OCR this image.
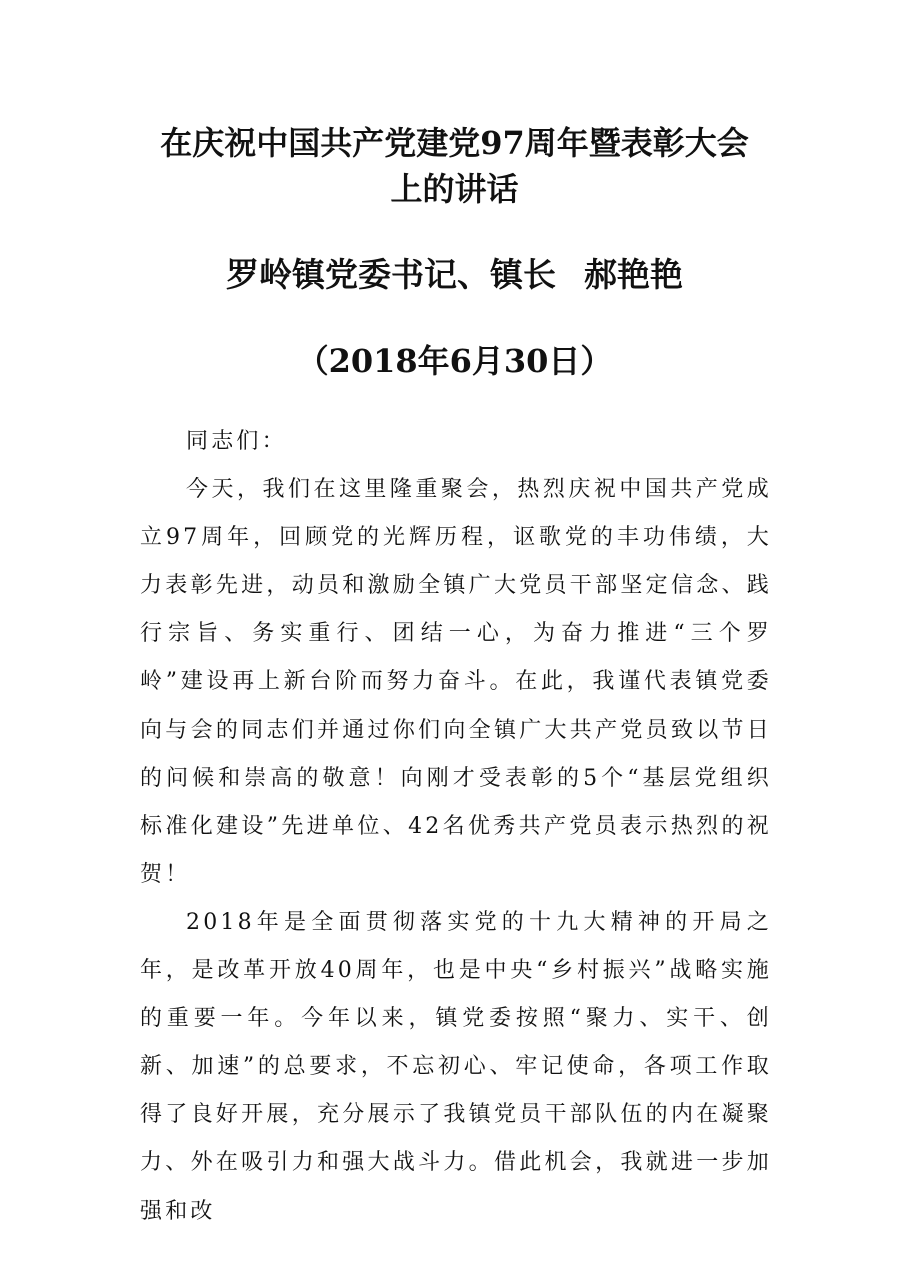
在庆祝中国共产党建党97周年暨表彰大会
上的讲话
罗岭镇党委书记、镇长 郝艳艳
（2018年6月30日）

同志们：

今天，我们在这里隆重聚会，热烈庆祝中国共产党成立97周年，回顾党的光辉历程，讴歌党的丰功伟绩，大力表彰先进，动员和激励全镇广大党员干部坚定信念、践行宗旨、务实重行、团结一心，为奋力推进“三个罗岭”建设再上新台阶而努力奋斗。在此，我谨代表镇党委向与会的同志们并通过你们向全镇广大共产党员致以节日的问候和崇高的敬意！向刚才受表彰的5个“基层党组织标准化建设”先进单位、42名优秀共产党员表示热烈的祝贺！

2018年是全面贯彻落实党的十九大精神的开局之年，是改革开放40周年，也是中央“乡村振兴”战略实施的重要一年。今年以来，镇党委按照“聚力、实干、创新、加速”的总要求，不忘初心、牢记使命，各项工作取得了良好开展，充分展示了我镇党员干部队伍的内在凝聚力、外在吸引力和强大战斗力。借此机会，我就进一步加强和改
